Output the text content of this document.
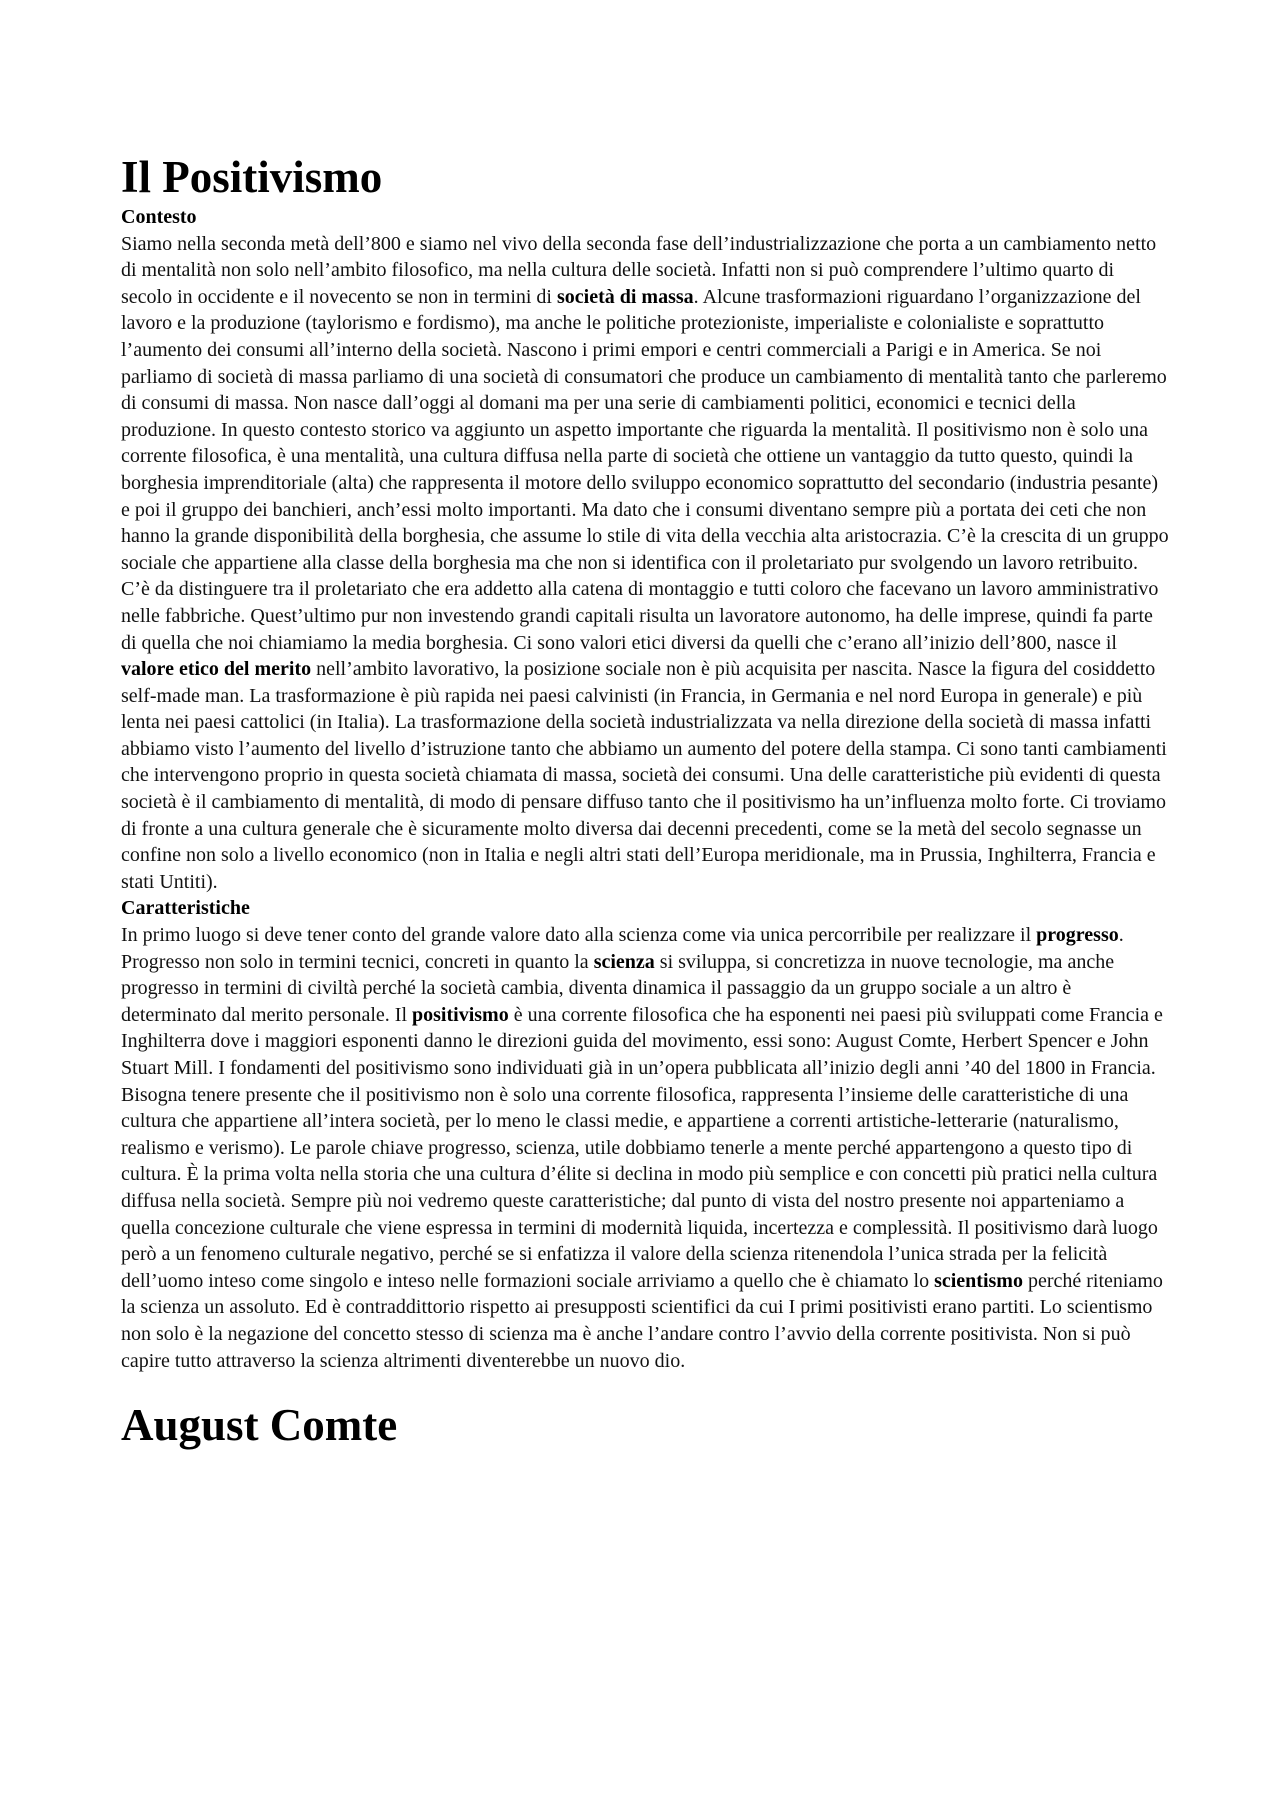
Il Positivismo
Contesto

Siamo nella seconda metà dell’800 e siamo nel vivo della seconda fase dell’industrializzazione che porta a un cambiamento netto di mentalità non solo nell’ambito filosofico, ma nella cultura delle società. Infatti non si può comprendere l’ultimo quarto di secolo in occidente e il novecento se non in termini di società di massa. Alcune trasformazioni riguardano l’organizzazione del lavoro e la produzione (taylorismo e fordismo), ma anche le politiche protezioniste, imperialiste e colonialiste e soprattutto l’aumento dei consumi all’interno della società. Nascono i primi empori e centri commerciali a Parigi e in America. Se noi parliamo di società di massa parliamo di una società di consumatori che produce un cambiamento di mentalità tanto che parleremo di consumi di massa. Non nasce dall’oggi al domani ma per una serie di cambiamenti politici, economici e tecnici della produzione. In questo contesto storico va aggiunto un aspetto importante che riguarda la mentalità. Il positivismo non è solo una corrente filosofica, è una mentalità, una cultura diffusa nella parte di società che ottiene un vantaggio da tutto questo, quindi la borghesia imprenditoriale (alta) che rappresenta il motore dello sviluppo economico soprattutto del secondario (industria pesante) e poi il gruppo dei banchieri, anch’essi molto importanti. Ma dato che i consumi diventano sempre più a portata dei ceti che non hanno la grande disponibilità della borghesia, che assume lo stile di vita della vecchia alta aristocrazia. C’è la crescita di un gruppo sociale che appartiene alla classe della borghesia ma che non si identifica con il proletariato pur svolgendo un lavoro retribuito. C’è da distinguere tra il proletariato che era addetto alla catena di montaggio e tutti coloro che facevano un lavoro amministrativo nelle fabbriche. Quest’ultimo pur non investendo grandi capitali risulta un lavoratore autonomo, ha delle imprese, quindi fa parte di quella che noi chiamiamo la media borghesia. Ci sono valori etici diversi da quelli che c’erano all’inizio dell’800, nasce il valore etico del merito nell’ambito lavorativo, la posizione sociale non è più acquisita per nascita. Nasce la figura del cosiddetto self-made man. La trasformazione è più rapida nei paesi calvinisti (in Francia, in Germania e nel nord Europa in generale) e più lenta nei paesi cattolici (in Italia). La trasformazione della società industrializzata va nella direzione della società di massa infatti abbiamo visto l’aumento del livello d’istruzione tanto che abbiamo un aumento del potere della stampa. Ci sono tanti cambiamenti che intervengono proprio in questa società chiamata di massa, società dei consumi. Una delle caratteristiche più evidenti di questa società è il cambiamento di mentalità, di modo di pensare diffuso tanto che il positivismo ha un’influenza molto forte. Ci troviamo di fronte a una cultura generale che è sicuramente molto diversa dai decenni precedenti, come se la metà del secolo segnasse un confine non solo a livello economico (non in Italia e negli altri stati dell’Europa meridionale, ma in Prussia, Inghilterra, Francia e stati Untiti).

Caratteristiche

In primo luogo si deve tener conto del grande valore dato alla scienza come via unica percorribile per realizzare il progresso. Progresso non solo in termini tecnici, concreti in quanto la scienza si sviluppa, si concretizza in nuove tecnologie, ma anche progresso in termini di civiltà perché la società cambia, diventa dinamica il passaggio da un gruppo sociale a un altro è determinato dal merito personale. Il positivismo è una corrente filosofica che ha esponenti nei paesi più sviluppati come Francia e Inghilterra dove i maggiori esponenti danno le direzioni guida del movimento, essi sono: August Comte, Herbert Spencer e John Stuart Mill. I fondamenti del positivismo sono individuati già in un’opera pubblicata all’inizio degli anni ’40 del 1800 in Francia. Bisogna tenere presente che il positivismo non è solo una corrente filosofica, rappresenta l’insieme delle caratteristiche di una cultura che appartiene all’intera società, per lo meno le classi medie, e appartiene a correnti artistiche-letterarie (naturalismo, realismo e verismo). Le parole chiave progresso, scienza, utile dobbiamo tenerle a mente perché appartengono a questo tipo di cultura. È la prima volta nella storia che una cultura d’élite si declina in modo più semplice e con concetti più pratici nella cultura diffusa nella società. Sempre più noi vedremo queste caratteristiche; dal punto di vista del nostro presente noi apparteniamo a quella concezione culturale che viene espressa in termini di modernità liquida, incertezza e complessità. Il positivismo darà luogo però a un fenomeno culturale negativo, perché se si enfatizza il valore della scienza ritenendola l’unica strada per la felicità dell’uomo inteso come singolo e inteso nelle formazioni sociale arriviamo a quello che è chiamato lo scientismo perché riteniamo la scienza un assoluto. Ed è contraddittorio rispetto ai presupposti scientifici da cui I primi positivisti erano partiti. Lo scientismo non solo è la negazione del concetto stesso di scienza ma è anche l’andare contro l’avvio della corrente positivista. Non si può capire tutto attraverso la scienza altrimenti diventerebbe un nuovo dio.

August Comte
